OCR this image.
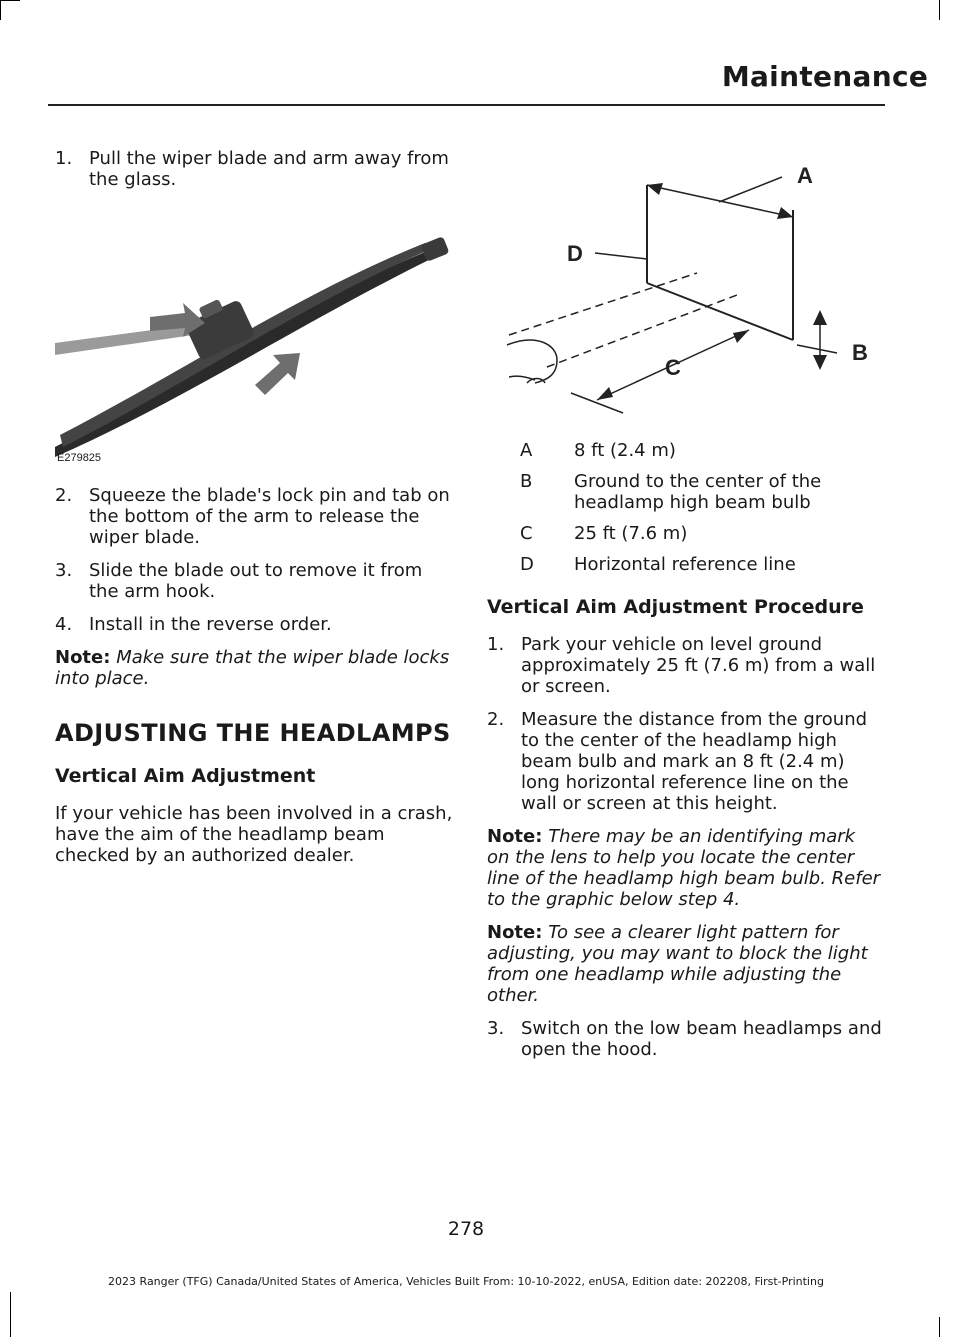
Maintenance
1. Pull the wiper blade and arm away from the glass.
E279825
2. Squeeze the blade's lock pin and tab on the bottom of the arm to release the wiper blade.
3. Slide the blade out to remove it from the arm hook.
4. Install in the reverse order.

Note: Make sure that the wiper blade locks into place.

ADJUSTING THE HEADLAMPS
Vertical Aim Adjustment

If your vehicle has been involved in a crash, have the aim of the headlamp beam checked by an authorized dealer.

A
D
C
B
A	8 ft (2.4 m)
B	Ground to the center of the headlamp high beam bulb
C	25 ft (7.6 m)
D	Horizontal reference line
Vertical Aim Adjustment Procedure
1. Park your vehicle on level ground approximately 25 ft (7.6 m) from a wall or screen.
2. Measure the distance from the ground to the center of the headlamp high beam bulb and mark an 8 ft (2.4 m) long horizontal reference line on the wall or screen at this height.

Note: There may be an identifying mark on the lens to help you locate the center line of the headlamp high beam bulb. Refer to the graphic below step 4.

Note: To see a clearer light pattern for adjusting, you may want to block the light from one headlamp while adjusting the other.

3. Switch on the low beam headlamps and open the hood.
278
2023 Ranger (TFG) Canada/United States of America, Vehicles Built From: 10-10-2022, enUSA, Edition date: 202208, First-Printing
